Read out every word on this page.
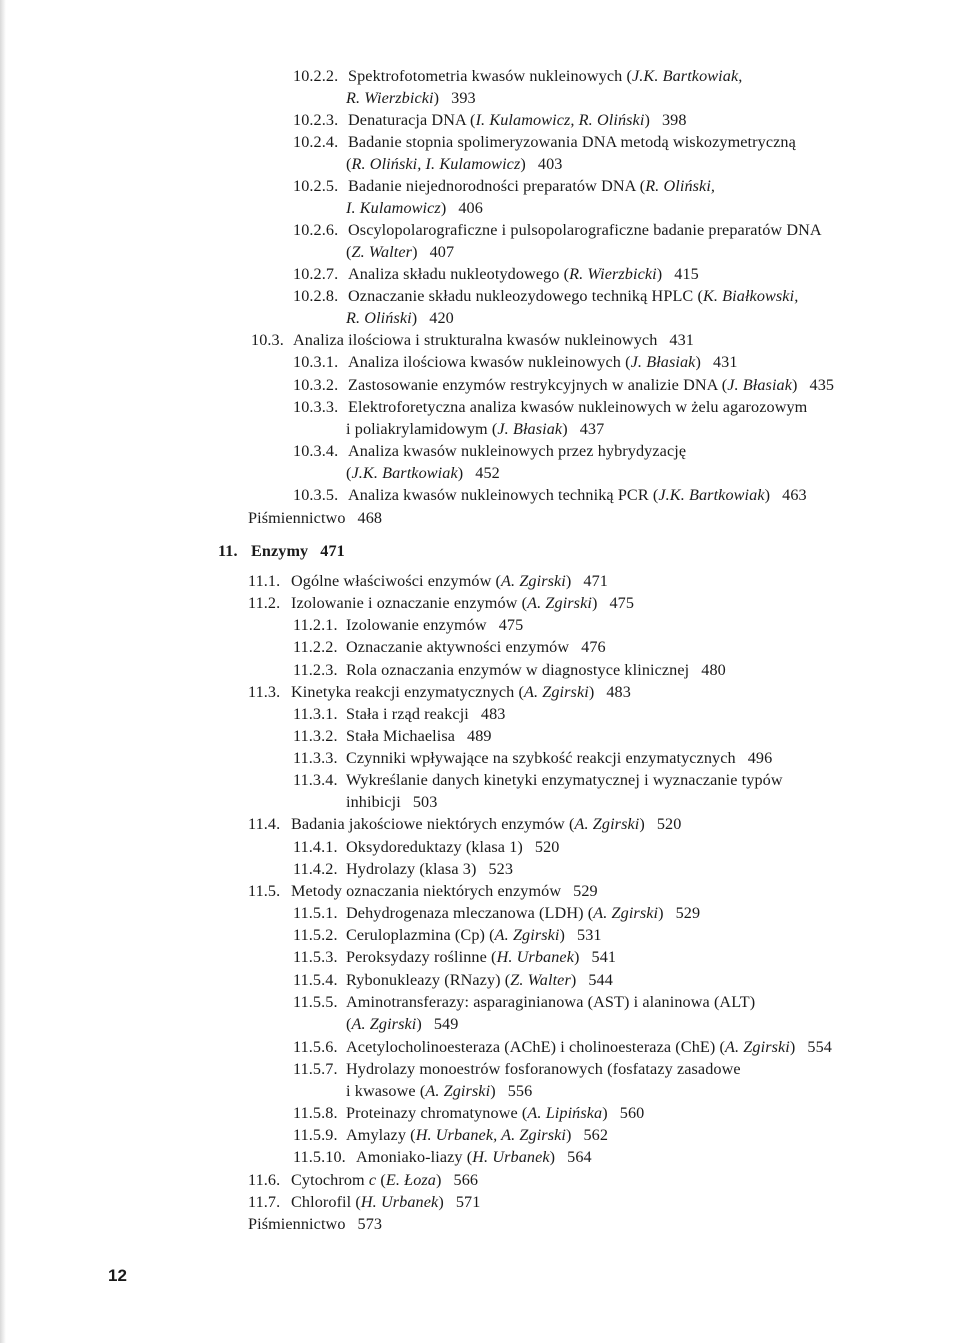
10.2.2. Spektrofotometria kwasów nukleinowych (J.K. Bartkowiak,
R. Wierzbicki) 393
10.2.3. Denaturacja DNA (I. Kulamowicz, R. Oliński) 398
10.2.4. Badanie stopnia spolimeryzowania DNA metodą wiskozymetryczną
(R. Oliński, I. Kulamowicz) 403
10.2.5. Badanie niejednorodności preparatów DNA (R. Oliński,
I. Kulamowicz) 406
10.2.6. Oscylopolarograficzne i pulsopolarograficzne badanie preparatów DNA
(Z. Walter) 407
10.2.7. Analiza składu nukleotydowego (R. Wierzbicki) 415
10.2.8. Oznaczanie składu nukleozydowego techniką HPLC (K. Białkowski,
R. Oliński) 420
10.3. Analiza ilościowa i strukturalna kwasów nukleinowych 431
10.3.1. Analiza ilościowa kwasów nukleinowych (J. Błasiak) 431
10.3.2. Zastosowanie enzymów restrykcyjnych w analizie DNA (J. Błasiak) 435
10.3.3. Elektroforetyczna analiza kwasów nukleinowych w żelu agarozowym
i poliakrylamidowym (J. Błasiak) 437
10.3.4. Analiza kwasów nukleinowych przez hybrydyzację
(J.K. Bartkowiak) 452
10.3.5. Analiza kwasów nukleinowych techniką PCR (J.K. Bartkowiak) 463
Piśmiennictwo 468
11. Enzymy 471
11.1. Ogólne właściwości enzymów (A. Zgirski) 471
11.2. Izolowanie i oznaczanie enzymów (A. Zgirski) 475
11.2.1. Izolowanie enzymów 475
11.2.2. Oznaczanie aktywności enzymów 476
11.2.3. Rola oznaczania enzymów w diagnostyce klinicznej 480
11.3. Kinetyka reakcji enzymatycznych (A. Zgirski) 483
11.3.1. Stała i rząd reakcji 483
11.3.2. Stała Michaelisa 489
11.3.3. Czynniki wpływające na szybkość reakcji enzymatycznych 496
11.3.4. Wykreślanie danych kinetyki enzymatycznej i wyznaczanie typów
inhibicji 503
11.4. Badania jakościowe niektórych enzymów (A. Zgirski) 520
11.4.1. Oksydoreduktazy (klasa 1) 520
11.4.2. Hydrolazy (klasa 3) 523
11.5. Metody oznaczania niektórych enzymów 529
11.5.1. Dehydrogenaza mleczanowa (LDH) (A. Zgirski) 529
11.5.2. Ceruloplazmina (Cp) (A. Zgirski) 531
11.5.3. Peroksydazy roślinne (H. Urbanek) 541
11.5.4. Rybonukleazy (RNazy) (Z. Walter) 544
11.5.5. Aminotransferazy: asparaginianowa (AST) i alaninowa (ALT)
(A. Zgirski) 549
11.5.6. Acetylocholinoesteraza (AChE) i cholinoesteraza (ChE) (A. Zgirski) 554
11.5.7. Hydrolazy monoestrów fosforanowych (fosfatazy zasadowe
i kwasowe (A. Zgirski) 556
11.5.8. Proteinazy chromatynowe (A. Lipińska) 560
11.5.9. Amylazy (H. Urbanek, A. Zgirski) 562
11.5.10. Amoniako-liazy (H. Urbanek) 564
11.6. Cytochrom c (E. Łoza) 566
11.7. Chlorofil (H. Urbanek) 571
Piśmiennictwo 573
12
